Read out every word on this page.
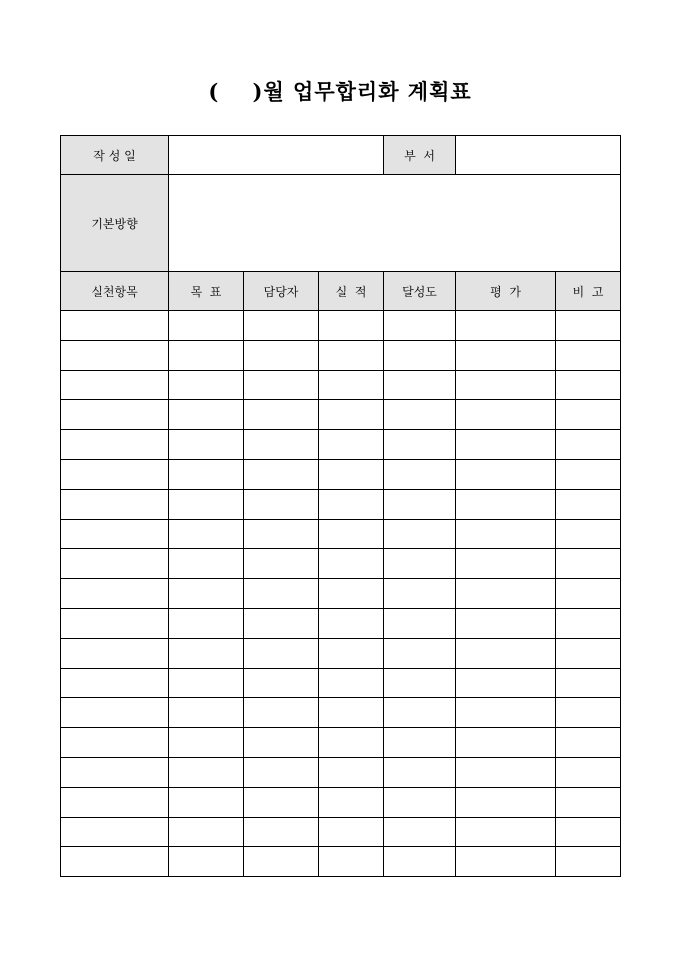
(    )월 업무합리화 계획표
작 성 일				부  서		
기본방향						
실천항목	목  표	담당자	실  적	달성도	평  가	비  고
